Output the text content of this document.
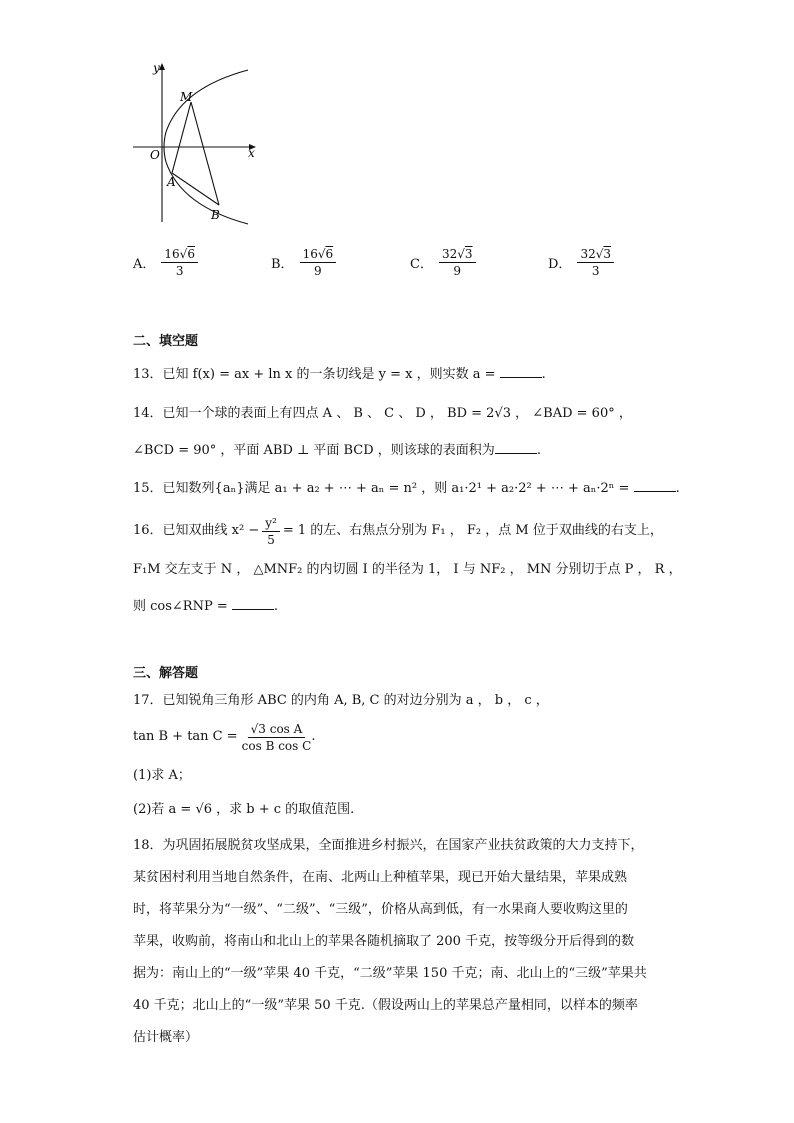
y
x
O
M
A
B
A． $\frac{16√6}{3}$	B． $\frac{16√6}{9}$	C． $\frac{32√3}{9}$	D． $\frac{32√3}{3}$
二、填空题
13．已知 f(x) = ax + ln x 的一条切线是 y = x ，则实数 a =	.
14．已知一个球的表面上有四点 A 、 B 、 C 、 D ， BD = 2√3 ， ∠BAD = 60° ，
∠BCD = 90° ，平面 ABD ⊥ 平面 BCD ，则该球的表面积为	.
15．已知数列{aₙ}满足 a₁ + a₂ + ⋯ + aₙ = n² ，则 a₁·2¹ + a₂·2² + ⋯ + aₙ·2ⁿ =	.
16．已知双曲线 $x^2 - \frac{\text{y²}}{5} = 1$ 的左、右焦点分别为 F₁ ， F₂ ，点 M 位于双曲线的右支上，
F₁M 交左支于 N ， △MNF₂ 的内切圆 I 的半径为 1， I 与 NF₂ ， MN 分别切于点 P ， R ，
则 cos∠RNP =	.
三、解答题
17．已知锐角三角形 ABC 的内角 A, B, C 的对边分别为 a ， b ， c ，
$\tan B + \tan C = \frac{\text{√3 cos A}}{\text{cos B cos C}}$ .
(1)求 A；
(2)若 a = √6 ，求 b + c 的取值范围.
18．为巩固拓展脱贫攻坚成果，全面推进乡村振兴，在国家产业扶贫政策的大力支持下，
某贫困村利用当地自然条件，在南、北两山上种植苹果，现已开始大量结果，苹果成熟
时，将苹果分为“一级”、“二级”、“三级”，价格从高到低，有一水果商人要收购这里的
苹果，收购前，将南山和北山上的苹果各随机摘取了 200 千克，按等级分开后得到的数
据为：南山上的“一级”苹果 40 千克，“二级”苹果 150 千克；南、北山上的“三级”苹果共
40 千克；北山上的“一级”苹果 50 千克.（假设两山上的苹果总产量相同，以样本的频率
估计概率）
